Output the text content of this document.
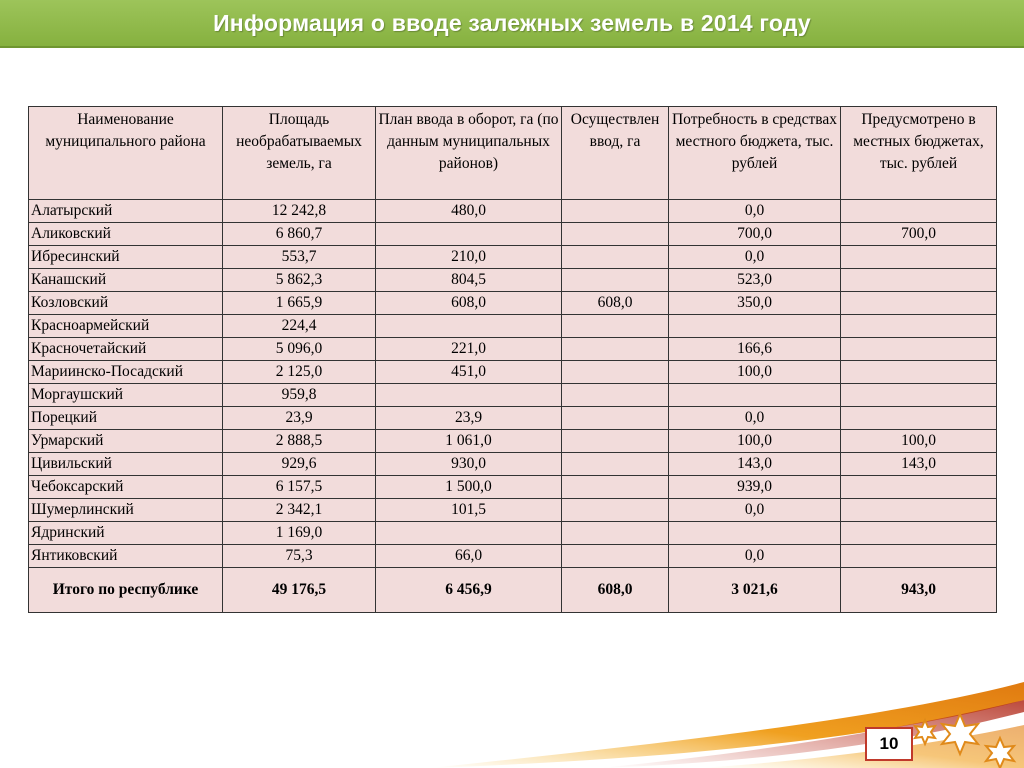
Информация о вводе залежных земель в 2014 году
Наименование муниципального района	Площадь необрабатываемых земель, га	План ввода в оборот, га (по данным муниципальных районов)	Осуществлен ввод, га	Потребность в средствах местного бюджета, тыс. рублей	Предусмотрено в местных бюджетах, тыс. рублей
Алатырский	12 242,8	480,0		0,0	
Аликовский	6 860,7			700,0	700,0
Ибресинский	553,7	210,0		0,0	
Канашский	5 862,3	804,5		523,0	
Козловский	1 665,9	608,0	608,0	350,0	
Красноармейский	224,4				
Красночетайский	5 096,0	221,0		166,6	
Мариинско-Посадский	2 125,0	451,0		100,0	
Моргаушский	959,8				
Порецкий	23,9	23,9		0,0	
Урмарский	2 888,5	1 061,0		100,0	100,0
Цивильский	929,6	930,0		143,0	143,0
Чебоксарский	6 157,5	1 500,0		939,0	
Шумерлинский	2 342,1	101,5		0,0	
Ядринский	1 169,0				
Янтиковский	75,3	66,0		0,0	
Итого по республике	49 176,5	6 456,9	608,0	3 021,6	943,0
10
